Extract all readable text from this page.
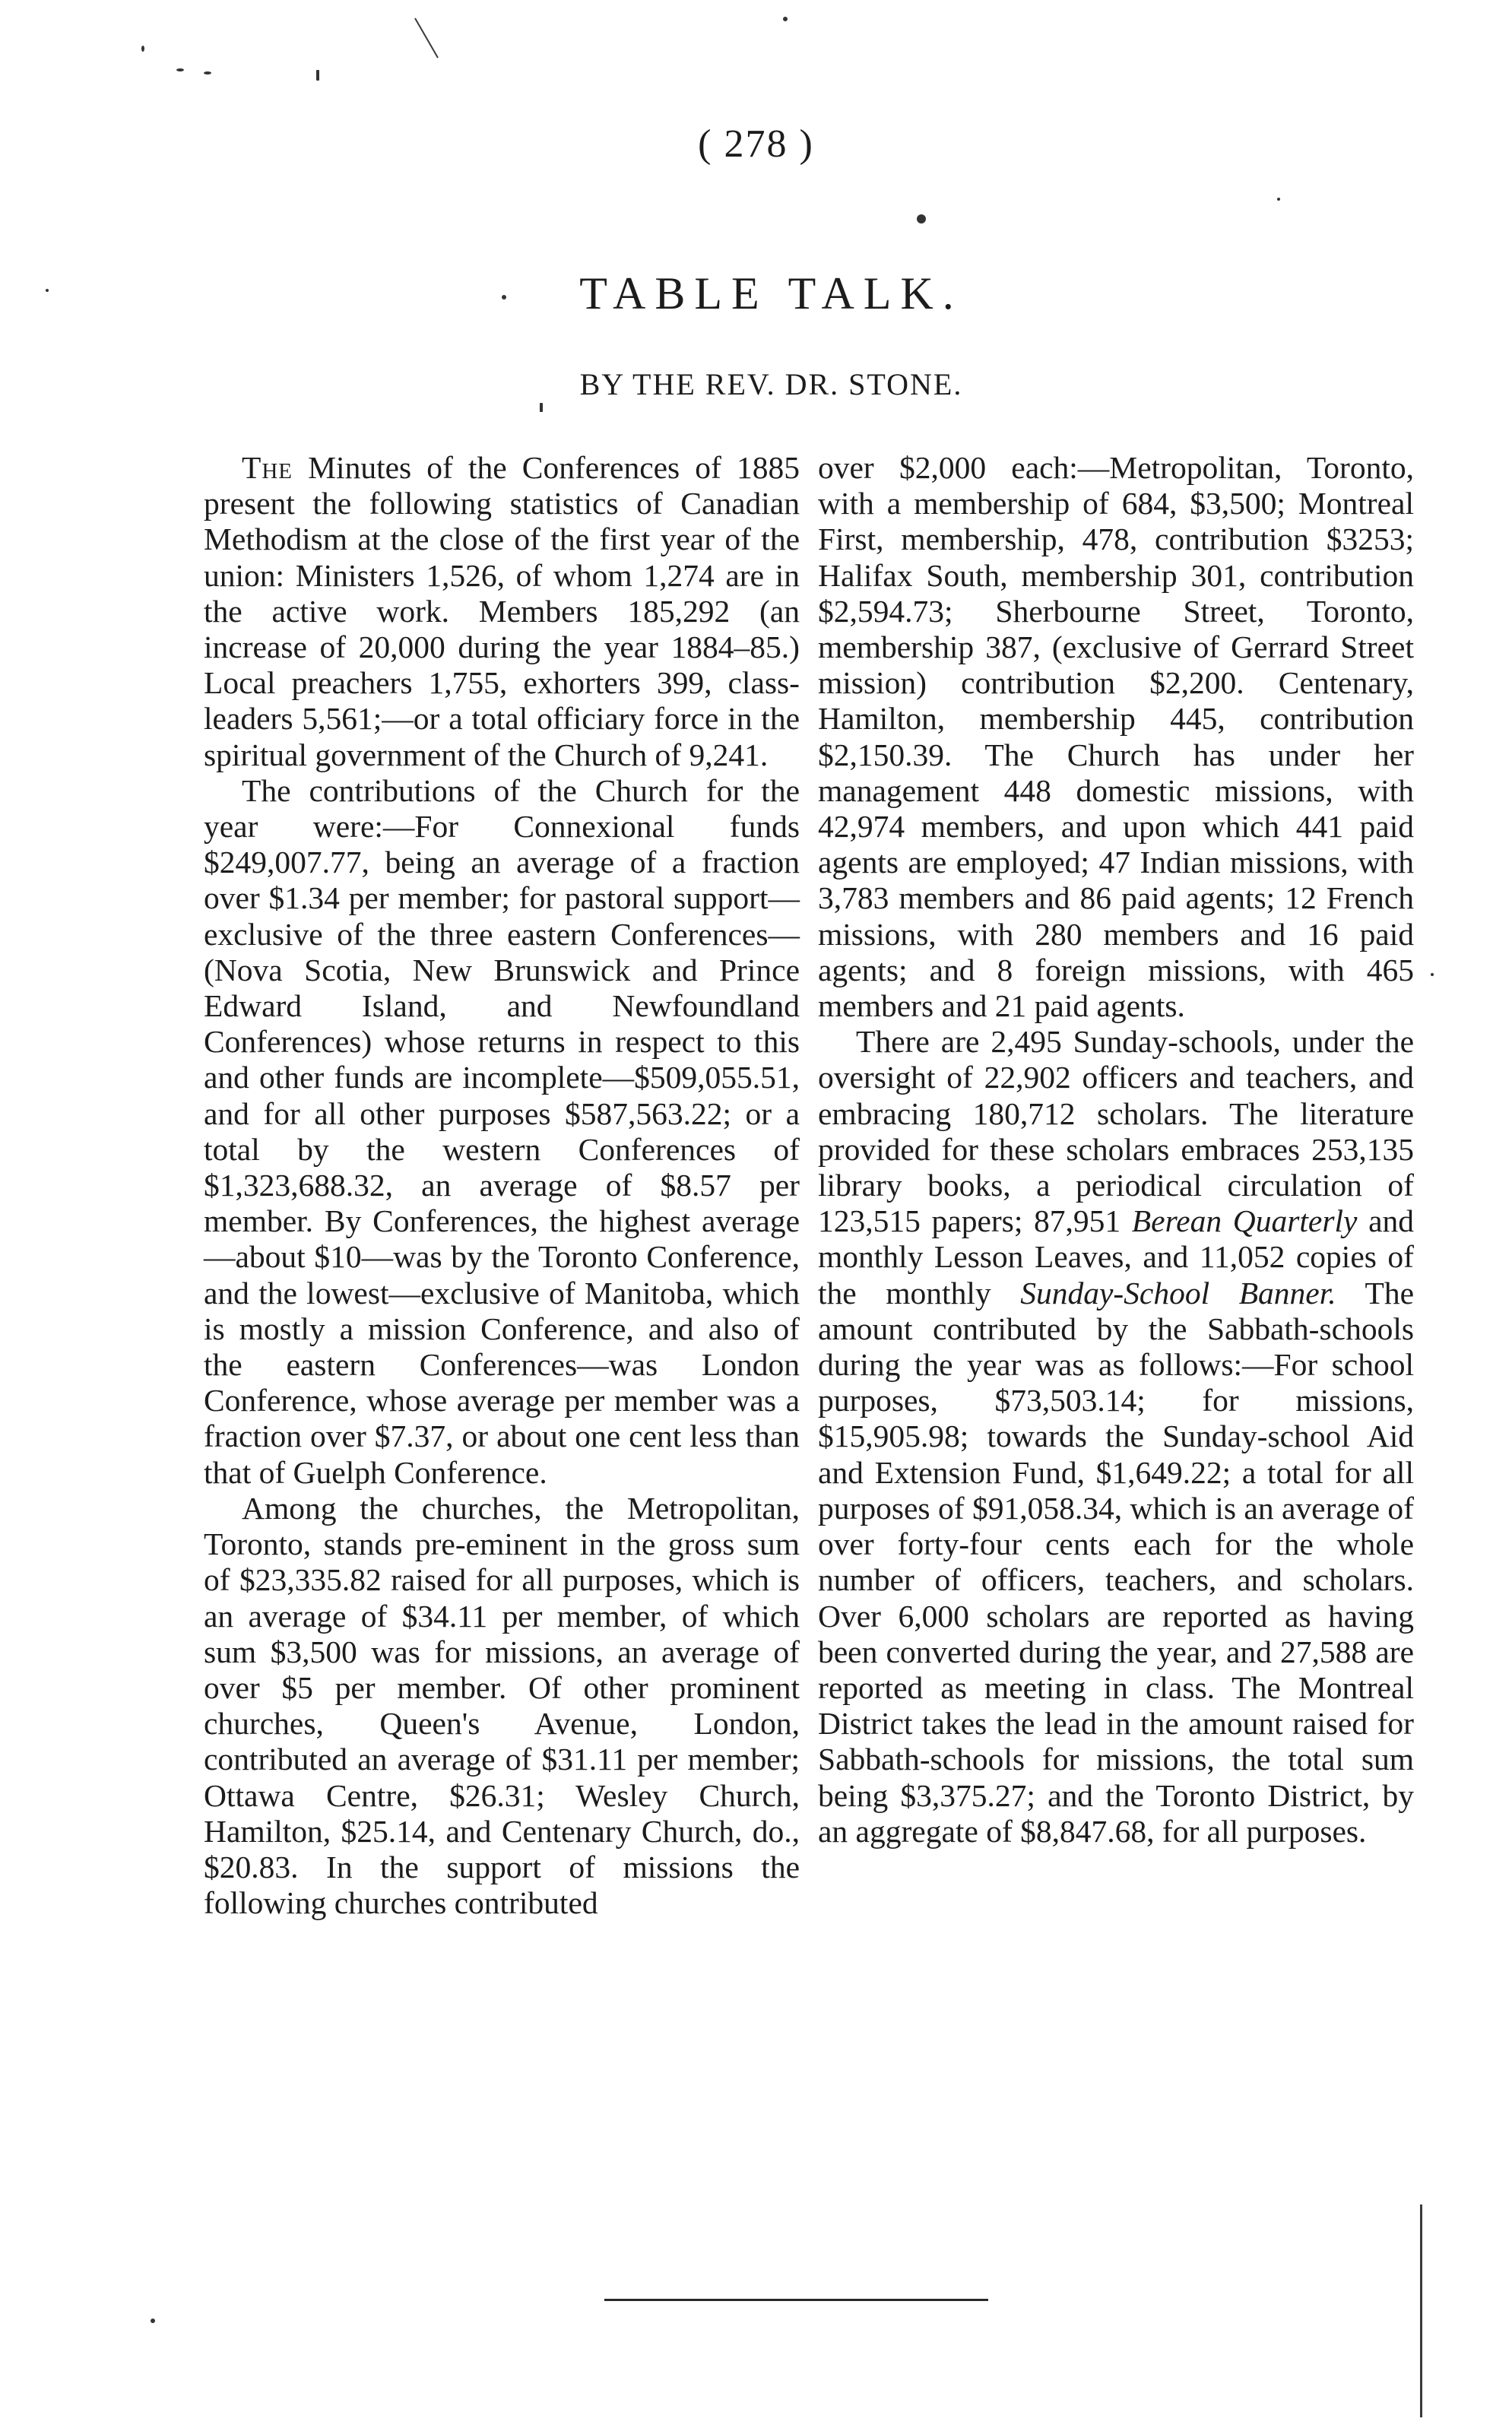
( 278 )
TABLE TALK.
BY THE REV. DR. STONE.

The Minutes of the Conferences of 1885 present the following statistics of Canadian Methodism at the close of the first year of the union: Ministers 1,526, of whom 1,274 are in the active work. Members 185,292 (an increase of 20,000 during the year 1884–85.) Local preachers 1,755, exhorters 399, class-leaders 5,561;—or a total officiary force in the spiritual government of the Church of 9,241.

The contributions of the Church for the year were:—For Connexional funds $249,007.77, being an average of a fraction over $1.34 per member; for pastoral support—exclusive of the three eastern Conferences—(Nova Scotia, New Brunswick and Prince Edward Island, and Newfoundland Conferences) whose returns in respect to this and other funds are incomplete—$509,055.51, and for all other purposes $587,563.22; or a total by the western Conferences of $1,323,688.32, an average of $8.57 per member. By Conferences, the highest average—about $10—was by the Toronto Conference, and the lowest—exclusive of Manitoba, which is mostly a mission Conference, and also of the eastern Conferences—was London Conference, whose average per member was a fraction over $7.37, or about one cent less than that of Guelph Conference.

Among the churches, the Metropolitan, Toronto, stands pre-eminent in the gross sum of $23,335.82 raised for all purposes, which is an average of $34.11 per member, of which sum $3,500 was for missions, an average of over $5 per member. Of other prominent churches, Queen's Avenue, London, contributed an average of $31.11 per member; Ottawa Centre, $26.31; Wesley Church, Hamilton, $25.14, and Centenary Church, do., $20.83. In the support of missions the following churches contributed

over $2,000 each:—Metropolitan, Toronto, with a membership of 684, $3,500; Montreal First, membership, 478, contribution $3253; Halifax South, membership 301, contribution $2,594.73; Sherbourne Street, Toronto, membership 387, (exclusive of Gerrard Street mission) contribution $2,200. Centenary, Hamilton, membership 445, contribution $2,150.39. The Church has under her management 448 domestic missions, with 42,974 members, and upon which 441 paid agents are employed; 47 Indian missions, with 3,783 members and 86 paid agents; 12 French missions, with 280 members and 16 paid agents; and 8 foreign missions, with 465 members and 21 paid agents.

There are 2,495 Sunday-schools, under the oversight of 22,902 officers and teachers, and embracing 180,712 scholars. The literature provided for these scholars embraces 253,135 library books, a periodical circulation of 123,515 papers; 87,951 Berean Quarterly and monthly Lesson Leaves, and 11,052 copies of the monthly Sunday-School Banner. The amount contributed by the Sabbath-schools during the year was as follows:—For school purposes, $73,503.14; for missions, $15,905.98; towards the Sunday-school Aid and Extension Fund, $1,649.22; a total for all purposes of $91,058.34, which is an average of over forty-four cents each for the whole number of officers, teachers, and scholars. Over 6,000 scholars are reported as having been converted during the year, and 27,588 are reported as meeting in class. The Montreal District takes the lead in the amount raised for Sabbath-schools for missions, the total sum being $3,375.27; and the Toronto District, by an aggregate of $8,847.68, for all purposes.
